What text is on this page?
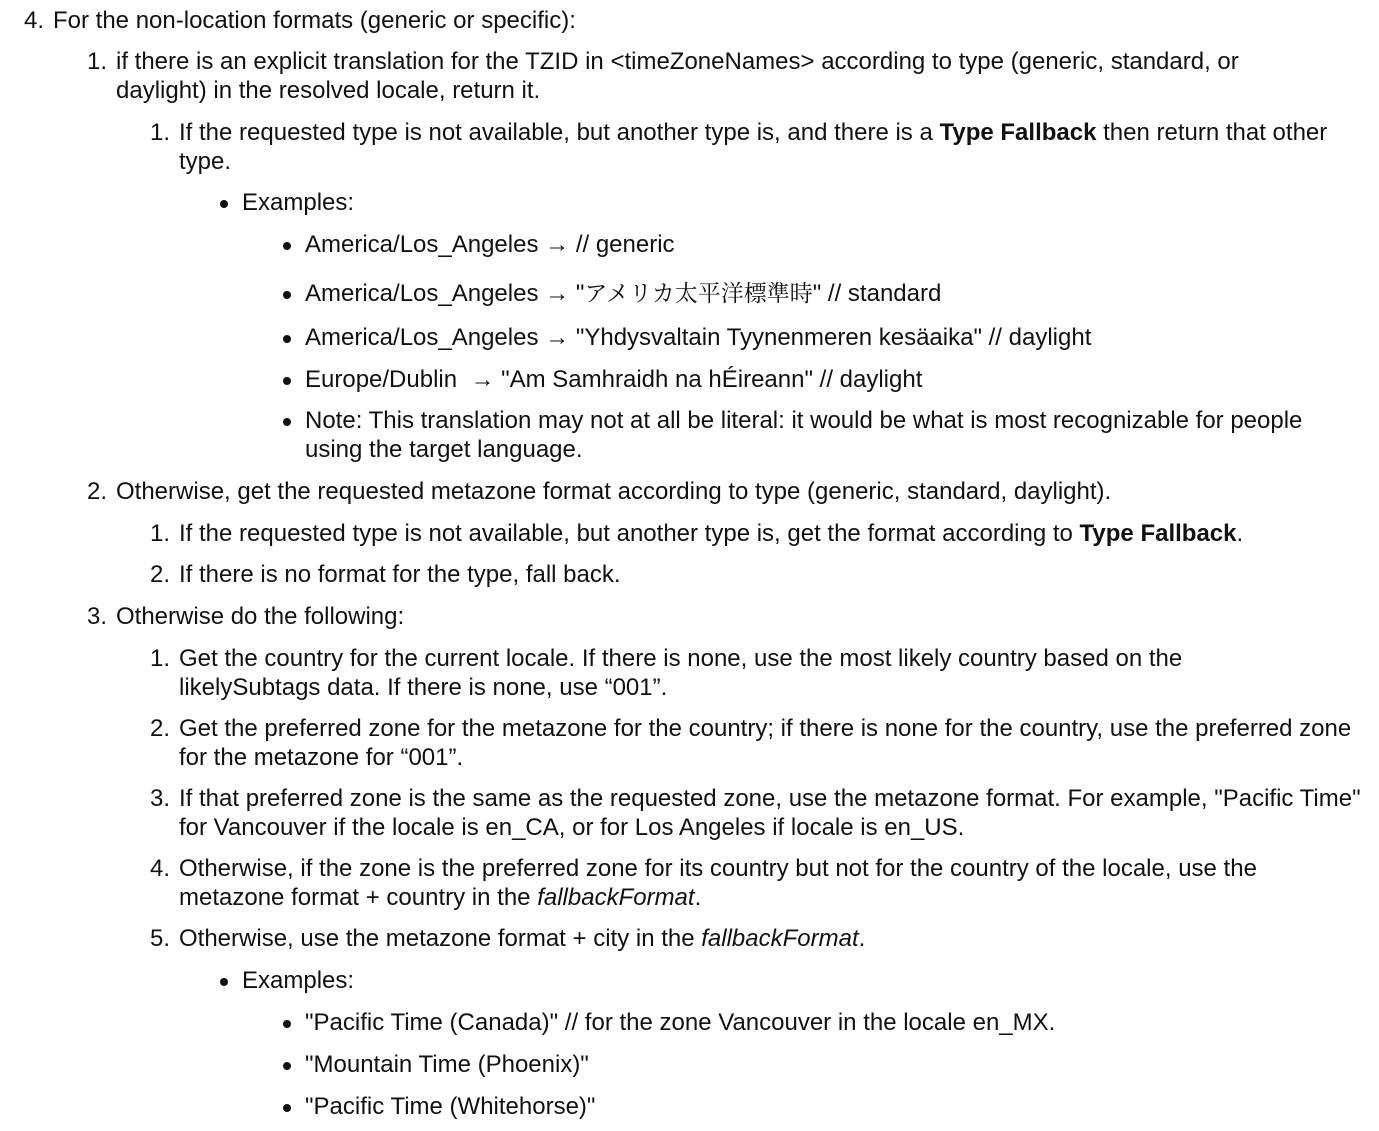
4. For the non-location formats (generic or specific):
1. if there is an explicit translation for the TZID in <timeZoneNames> according to type (generic, standard, or daylight) in the resolved locale, return it.
1. If the requested type is not available, but another type is, and there is a Type Fallback then return that other type.
Examples:
America/Los_Angeles → // generic
America/Los_Angeles → "アメリカ太平洋標準時" // standard
America/Los_Angeles → "Yhdysvaltain Tyynenmeren kesäaika" // daylight
Europe/Dublin  → "Am Samhraidh na hÉireann" // daylight
Note: This translation may not at all be literal: it would be what is most recognizable for people using the target language.
2. Otherwise, get the requested metazone format according to type (generic, standard, daylight).
1. If the requested type is not available, but another type is, get the format according to Type Fallback.
2. If there is no format for the type, fall back.
3. Otherwise do the following:
1. Get the country for the current locale. If there is none, use the most likely country based on the likelySubtags data. If there is none, use “001”.
2. Get the preferred zone for the metazone for the country; if there is none for the country, use the preferred zone for the metazone for “001”.
3. If that preferred zone is the same as the requested zone, use the metazone format. For example, "Pacific Time" for Vancouver if the locale is en_CA, or for Los Angeles if locale is en_US.
4. Otherwise, if the zone is the preferred zone for its country but not for the country of the locale, use the metazone format + country in the fallbackFormat.
5. Otherwise, use the metazone format + city in the fallbackFormat.
Examples:
"Pacific Time (Canada)" // for the zone Vancouver in the locale en_MX.
"Mountain Time (Phoenix)"
"Pacific Time (Whitehorse)"
